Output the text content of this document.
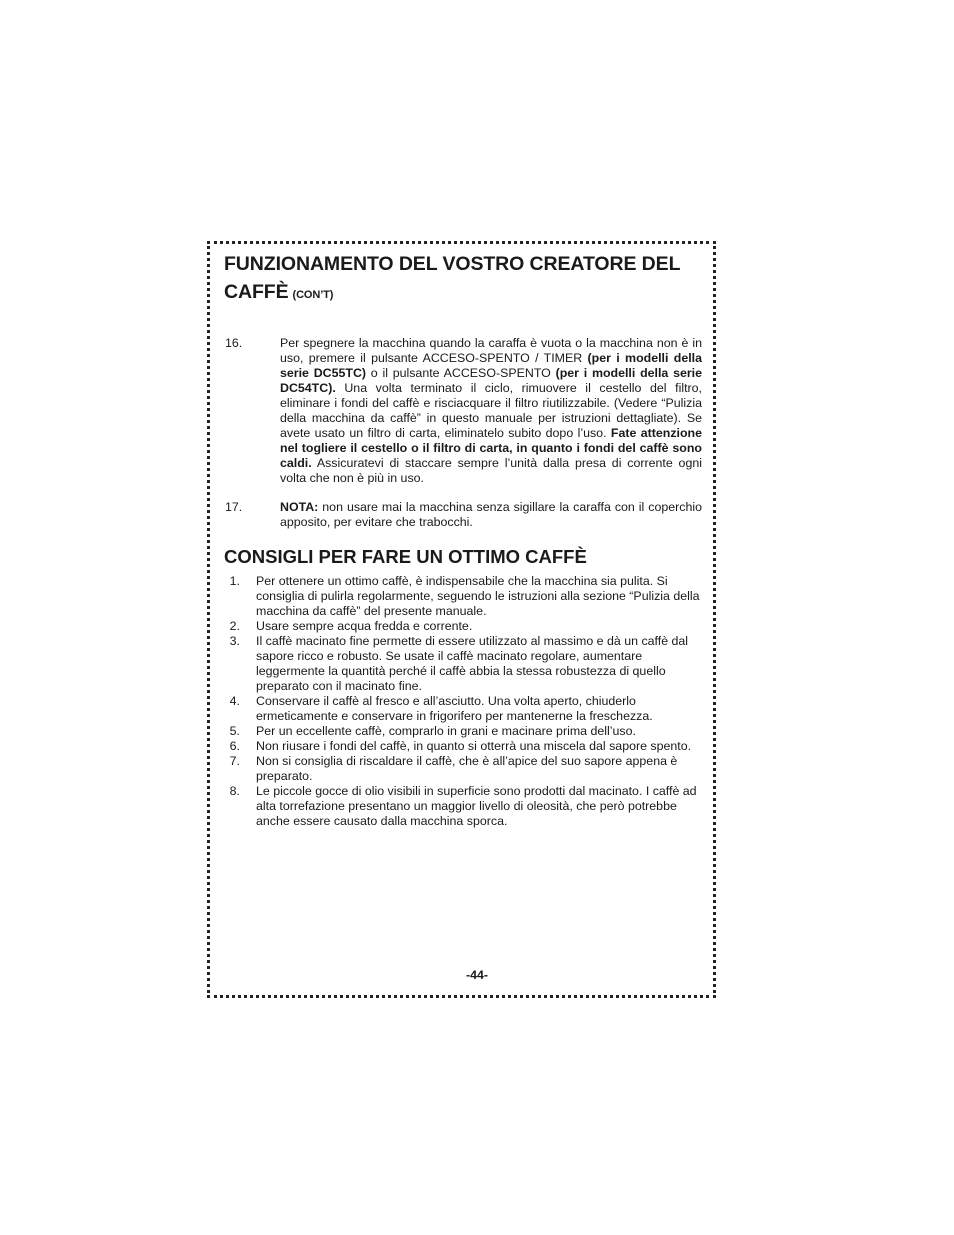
FUNZIONAMENTO DEL VOSTRO CREATORE DEL CAFFÈ (CON’T)
16.	Per spegnere la macchina quando la caraffa è vuota o la macchina non è in uso, premere il pulsante ACCESO-SPENTO / TIMER (per i modelli della serie DC55TC) o il pulsante ACCESO-SPENTO (per i modelli della serie DC54TC). Una volta terminato il ciclo, rimuovere il cestello del filtro, eliminare i fondi del caffè e risciacquare il filtro riutilizzabile. (Vedere “Pulizia della macchina da caffè” in questo manuale per istruzioni dettagliate). Se avete usato un filtro di carta, eliminatelo subito dopo l’uso. Fate attenzione nel togliere il cestello o il filtro di carta, in quanto i fondi del caffè sono caldi. Assicuratevi di staccare sempre l’unità dalla presa di corrente ogni volta che non è più in uso.
17.	NOTA: non usare mai la macchina senza sigillare la caraffa con il coperchio apposito, per evitare che trabocchi.
CONSIGLI PER FARE UN OTTIMO CAFFÈ
1. Per ottenere un ottimo caffè, è indispensabile che la macchina sia pulita. Si consiglia di pulirla regolarmente, seguendo le istruzioni alla sezione “Pulizia della macchina da caffè” del presente manuale.
2. Usare sempre acqua fredda e corrente.
3. Il caffè macinato fine permette di essere utilizzato al massimo e dà un caffè dal sapore ricco e robusto. Se usate il caffè macinato regolare, aumentare leggermente la quantità perché il caffè abbia la stessa robustezza di quello preparato con il macinato fine.
4. Conservare il caffè al fresco e all’asciutto. Una volta aperto, chiuderlo ermeticamente e conservare in frigorifero per mantenerne la freschezza.
5. Per un eccellente caffè, comprarlo in grani e macinare prima dell’uso.
6. Non riusare i fondi del caffè, in quanto si otterrà una miscela dal sapore spento.
7. Non si consiglia di riscaldare il caffè, che è all’apice del suo sapore appena è preparato.
8. Le piccole gocce di olio visibili in superficie sono prodotti dal macinato. I caffè ad alta torrefazione presentano un maggior livello di oleosità, che però potrebbe anche essere causato dalla macchina sporca.
-44-
